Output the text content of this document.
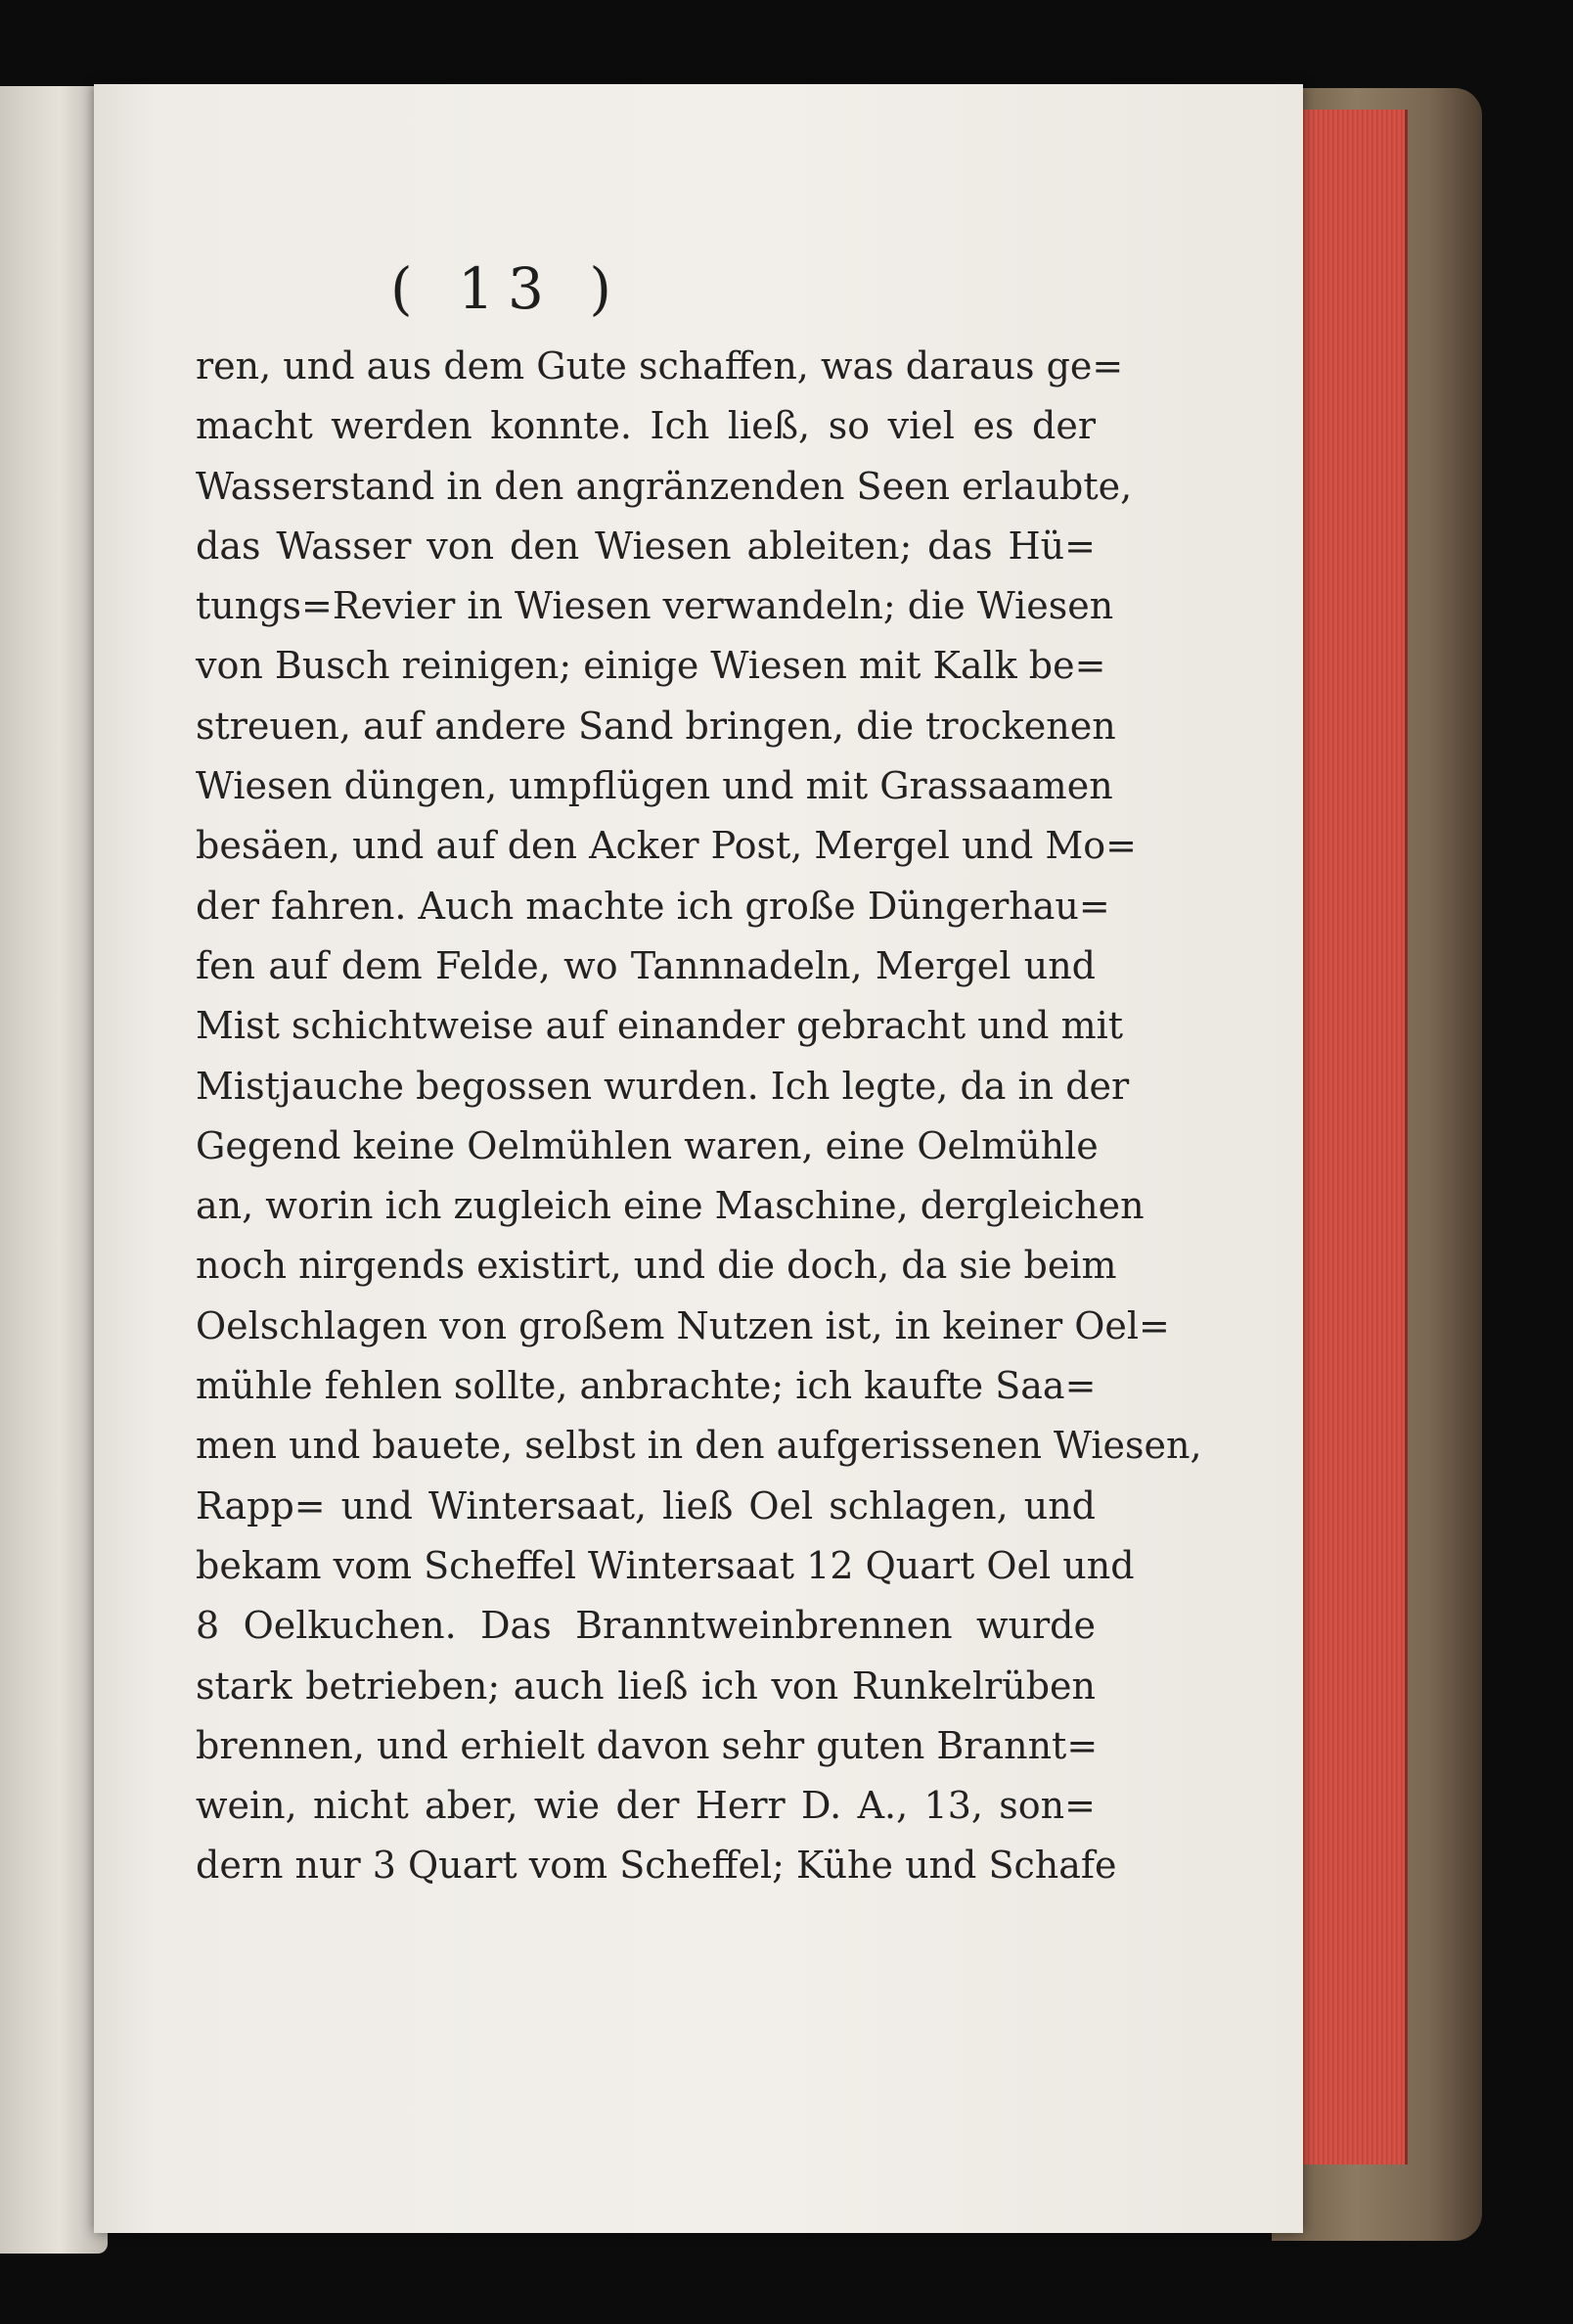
( 13 )
ren, und aus dem Gute schaffen, was daraus ge=
macht werden konnte. Ich ließ, so viel es der
Wasserstand in den angränzenden Seen erlaubte,
das Wasser von den Wiesen ableiten; das Hü=
tungs=Revier in Wiesen verwandeln; die Wiesen
von Busch reinigen; einige Wiesen mit Kalk be=
streuen, auf andere Sand bringen, die trockenen
Wiesen düngen, umpflügen und mit Grassaamen
besäen, und auf den Acker Post, Mergel und Mo=
der fahren. Auch machte ich große Düngerhau=
fen auf dem Felde, wo Tannnadeln, Mergel und
Mist schichtweise auf einander gebracht und mit
Mistjauche begossen wurden. Ich legte, da in der
Gegend keine Oelmühlen waren, eine Oelmühle
an, worin ich zugleich eine Maschine, dergleichen
noch nirgends existirt, und die doch, da sie beim
Oelschlagen von großem Nutzen ist, in keiner Oel=
mühle fehlen sollte, anbrachte; ich kaufte Saa=
men und bauete, selbst in den aufgerissenen Wiesen,
Rapp= und Wintersaat, ließ Oel schlagen, und
bekam vom Scheffel Wintersaat 12 Quart Oel und
8 Oelkuchen. Das Branntweinbrennen wurde
stark betrieben; auch ließ ich von Runkelrüben
brennen, und erhielt davon sehr guten Brannt=
wein, nicht aber, wie der Herr D. A., 13, son=
dern nur 3 Quart vom Scheffel; Kühe und Schafe
